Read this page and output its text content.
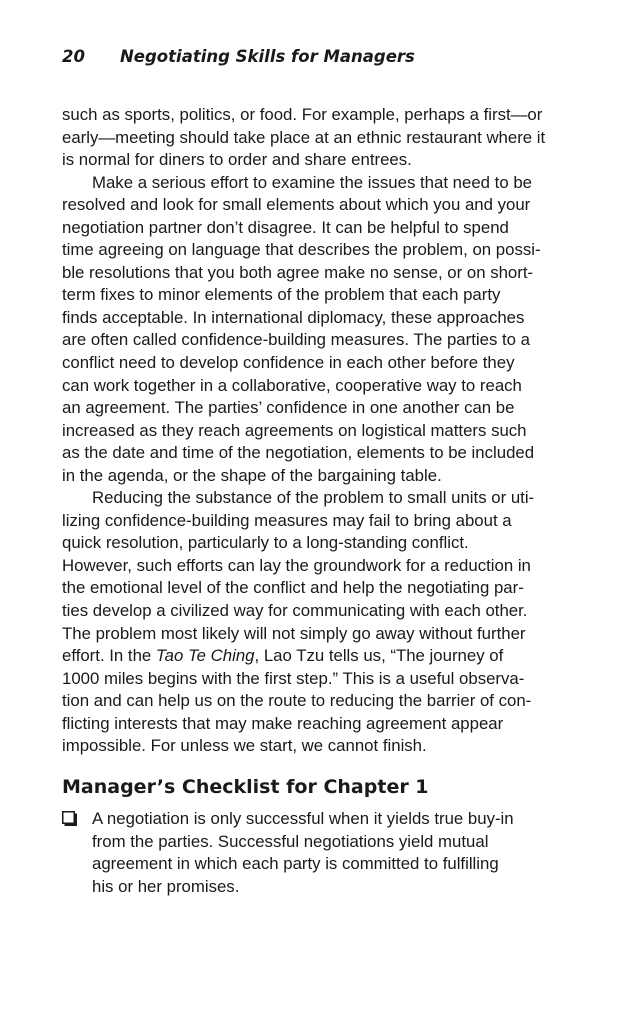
20 Negotiating Skills for Managers
such as sports, politics, or food. For example, perhaps a first—or
early—meeting should take place at an ethnic restaurant where it
is normal for diners to order and share entrees.
Make a serious effort to examine the issues that need to be
resolved and look for small elements about which you and your
negotiation partner don’t disagree. It can be helpful to spend
time agreeing on language that describes the problem, on possi-
ble resolutions that you both agree make no sense, or on short-
term fixes to minor elements of the problem that each party
finds acceptable. In international diplomacy, these approaches
are often called confidence-building measures. The parties to a
conflict need to develop confidence in each other before they
can work together in a collaborative, cooperative way to reach
an agreement. The parties’ confidence in one another can be
increased as they reach agreements on logistical matters such
as the date and time of the negotiation, elements to be included
in the agenda, or the shape of the bargaining table.
Reducing the substance of the problem to small units or uti-
lizing confidence-building measures may fail to bring about a
quick resolution, particularly to a long-standing conflict.
However, such efforts can lay the groundwork for a reduction in
the emotional level of the conflict and help the negotiating par-
ties develop a civilized way for communicating with each other.
The problem most likely will not simply go away without further
effort. In the Tao Te Ching, Lao Tzu tells us, “The journey of
1000 miles begins with the first step.” This is a useful observa-
tion and can help us on the route to reducing the barrier of con-
flicting interests that may make reaching agreement appear
impossible. For unless we start, we cannot finish.
Manager’s Checklist for Chapter 1
A negotiation is only successful when it yields true buy-in
from the parties. Successful negotiations yield mutual
agreement in which each party is committed to fulfilling
his or her promises.
